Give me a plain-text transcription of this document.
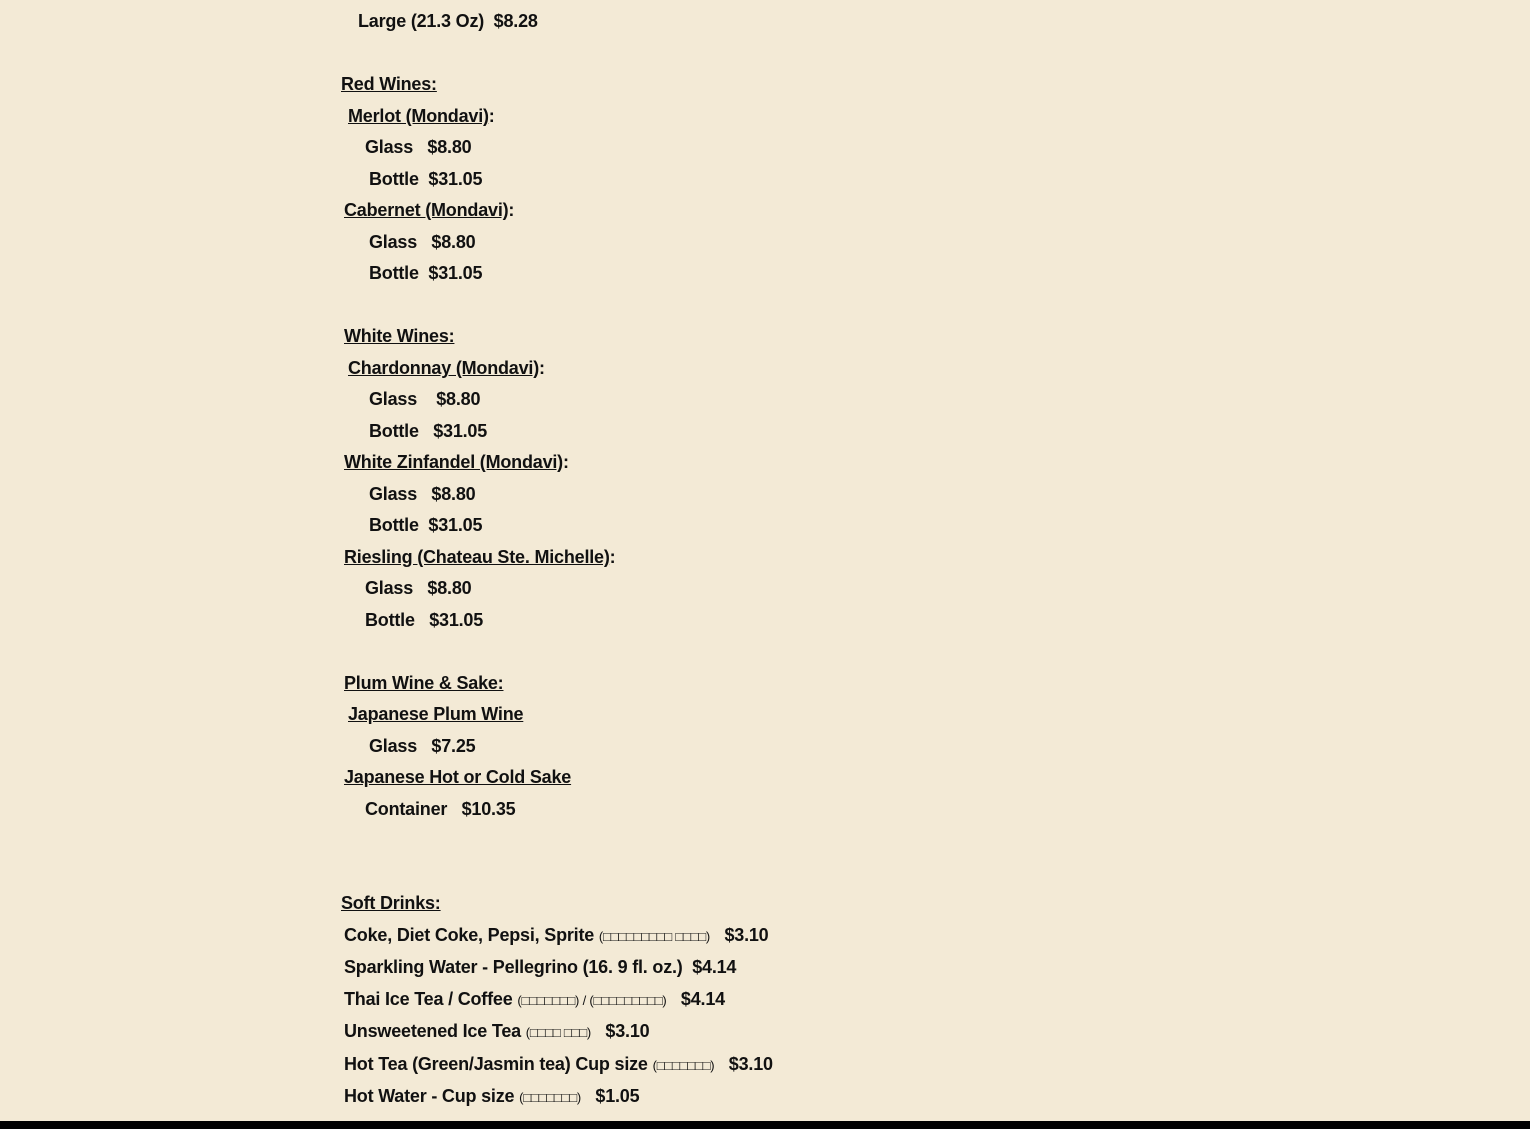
Large (21.3 Oz)  $8.28
Red Wines:
Merlot (Mondavi):
Glass   $8.80
Bottle  $31.05
Cabernet (Mondavi):
Glass   $8.80
Bottle  $31.05
White Wines:
Chardonnay (Mondavi):
Glass    $8.80
Bottle   $31.05
White Zinfandel (Mondavi):
Glass   $8.80
Bottle  $31.05
Riesling (Chateau Ste. Michelle):
Glass   $8.80
Bottle   $31.05
Plum Wine & Sake:
Japanese Plum Wine
Glass   $7.25
Japanese Hot or Cold Sake
Container   $10.35
Soft Drinks:
Coke, Diet Coke, Pepsi, Sprite (□□□□□□□□□ □□□□)   $3.10
Sparkling Water - Pellegrino (16. 9 fl. oz.)  $4.14
Thai Ice Tea / Coffee (□□□□□□□) / (□□□□□□□□□)   $4.14
Unsweetened Ice Tea (□□□□ □□□)   $3.10
Hot Tea (Green/Jasmin tea) Cup size (□□□□□□□)   $3.10
Hot Water - Cup size (□□□□□□□)   $1.05
